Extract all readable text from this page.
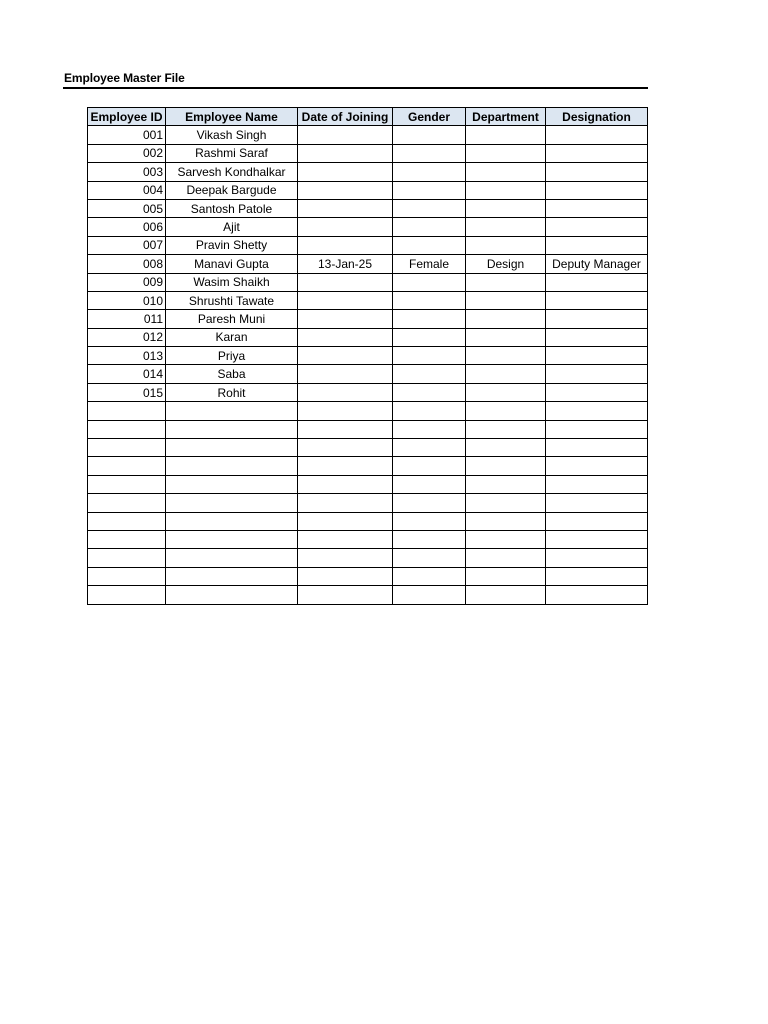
Employee Master File
Employee ID	Employee Name	Date of Joining	Gender	Department	Designation
001	Vikash Singh				
002	Rashmi Saraf				
003	Sarvesh Kondhalkar				
004	Deepak Bargude				
005	Santosh Patole				
006	Ajit				
007	Pravin Shetty				
008	Manavi Gupta	13-Jan-25	Female	Design	Deputy Manager
009	Wasim Shaikh				
010	Shrushti Tawate				
011	Paresh Muni				
012	Karan				
013	Priya				
014	Saba				
015	Rohit				
